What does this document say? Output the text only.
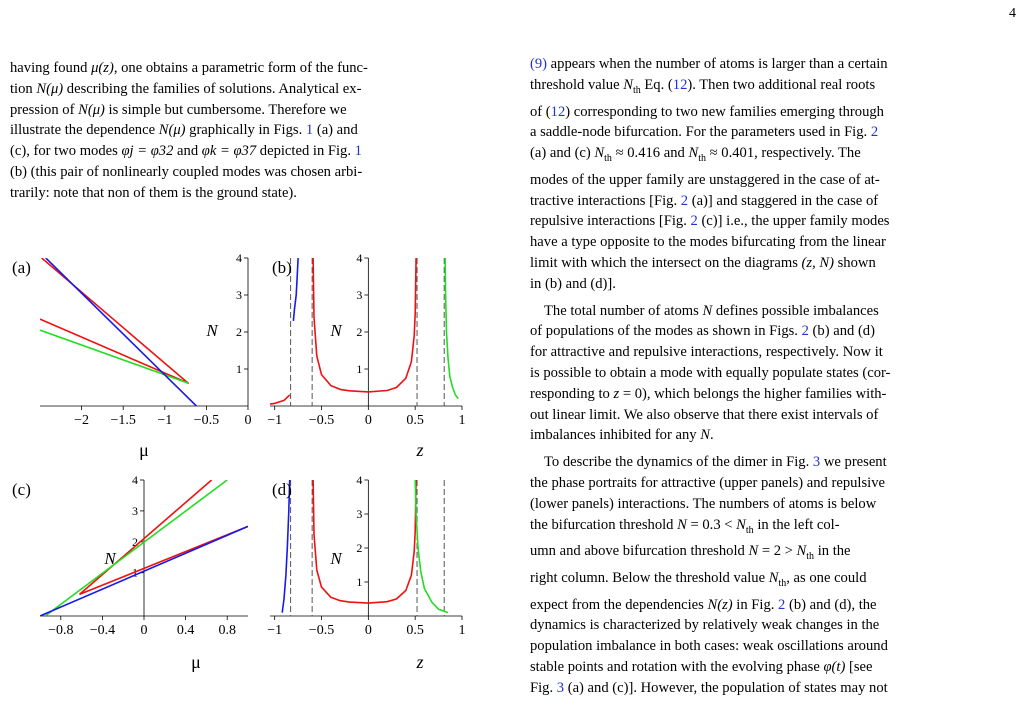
4

having found μ(z), one obtains a parametric form of the func-
tion N(μ) describing the families of solutions. Analytical ex-
pression of N(μ) is simple but cumbersome. Therefore we
illustrate the dependence N(μ) graphically in Figs. 1 (a) and
(c), for two modes φj = φ32 and φk = φ37 depicted in Fig. 1
(b) (this pair of nonlinearly coupled modes was chosen arbi-
trarily: note that non of them is the ground state).

(9) appears when the number of atoms is larger than a certain
threshold value $N_{th}$ Eq. (12). Then two additional real roots
of (12) corresponding to two new families emerging through
a saddle-node bifurcation. For the parameters used in Fig. 2
(a) and (c) $N_{th} \approx 0.416$ and $N_{th} \approx 0.401$, respectively. The
modes of the upper family are unstaggered in the case of at-
tractive interactions [Fig. 2 (a)] and staggered in the case of
repulsive interactions [Fig. 2 (c)] i.e., the upper family modes
have a type opposite to the modes bifurcating from the linear
limit with which the intersect on the diagrams (z, N) shown
in (b) and (d)].

The total number of atoms N defines possible imbalances
of populations of the modes as shown in Figs. 2 (b) and (d)
for attractive and repulsive interactions, respectively. Now it
is possible to obtain a mode with equally populate states (cor-
responding to z = 0), which belongs the higher families with-
out linear limit. We also observe that there exist intervals of
imbalances inhibited for any N.

To describe the dynamics of the dimer in Fig. 3 we present
the phase portraits for attractive (upper panels) and repulsive
(lower panels) interactions. The numbers of atoms is below
the bifurcation threshold $N = 0.3 < N_{th}$ in the left col-
umn and above bifurcation threshold $N = 2 > N_{th}$ in the
right column. Below the threshold value $N_{th}$, as one could
expect from the dependencies N(z) in Fig. 2 (b) and (d), the
dynamics is characterized by relatively weak changes in the
population imbalance in both cases: weak oscillations around
stable points and rotation with the evolving phase φ(t) [see
Fig. 3 (a) and (c)]. However, the population of states may not

−2 −1.5 −1 −0.5 0
1
2
3
4
(a)
μ
N
−1 −0.5 0 0.5 1
1
2
3
4
(b)
z
N
−0.8 −0.4 0 0.4 0.8
1
2
3
4
(c)
μ
N
−1 −0.5 0 0.5 1
1
2
3
4
(d)
z
N
